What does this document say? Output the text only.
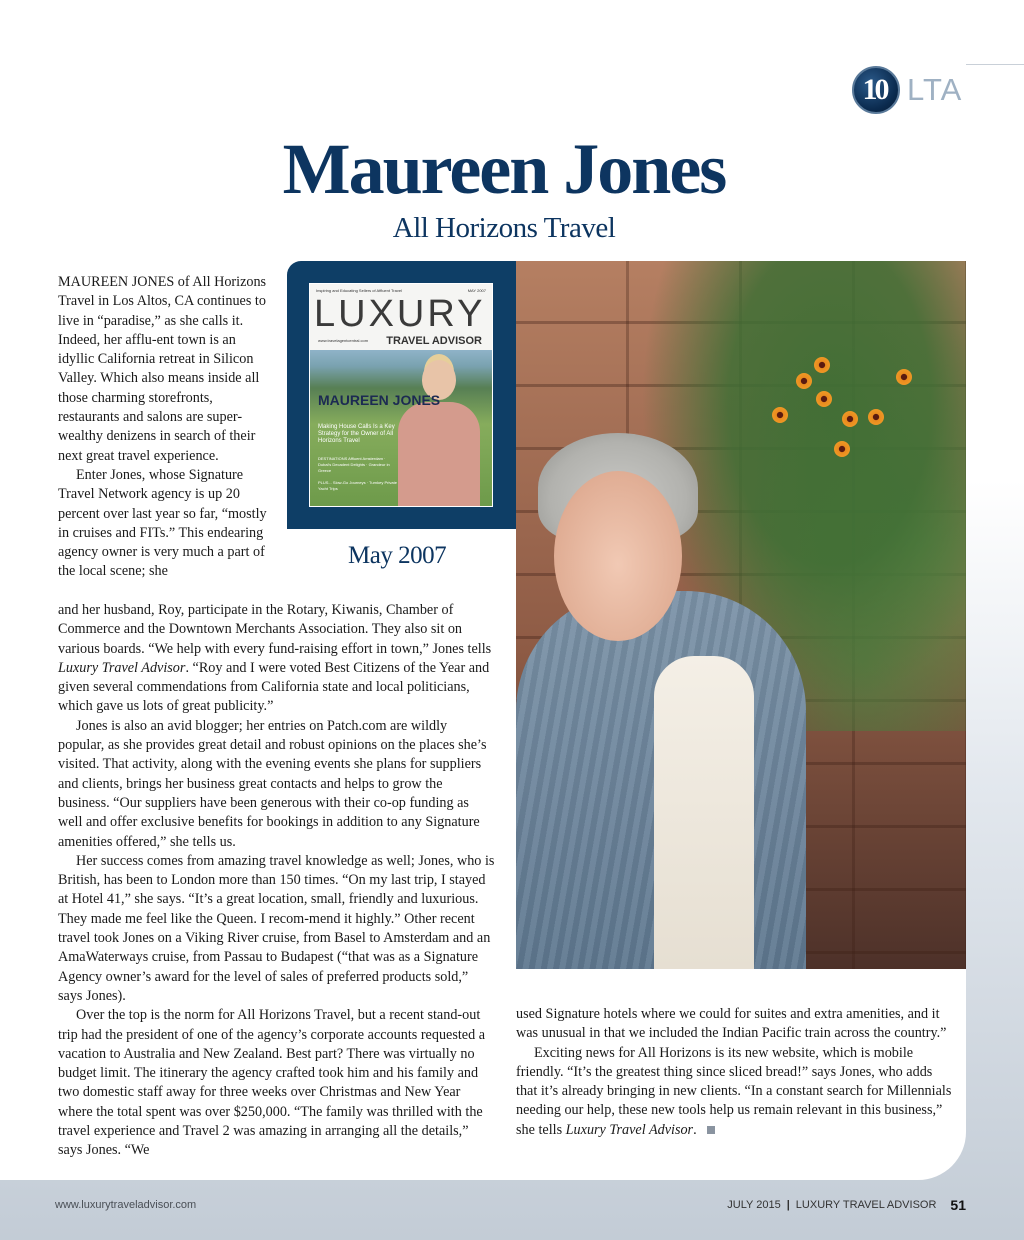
10 LTA
Maureen Jones
All Horizons Travel
Inspiring and Educating Sellers of Affluent Travel	MAY 2007
LUXURY
www.travelagentcentral.com TRAVEL ADVISOR
MAUREEN JONES
Making House Calls Is a Key Strategy for the Owner of All Horizons Travel
DESTINATIONS Affluent Amsterdam · Dubai's Decadent Delights · Grandeur in Greece
PLUS... Slow-Go Journeys · Turnkey Private Yacht Trips
May 2007

MAUREEN JONES of All Horizons Travel in Los Altos, CA continues to live in “paradise,” as she calls it. Indeed, her afflu-ent town is an idyllic California retreat in Silicon Valley. Which also means inside all those charming storefronts, restaurants and salons are super-wealthy denizens in search of their next great travel experience.

Enter Jones, whose Signature Travel Network agency is up 20 percent over last year so far, “mostly in cruises and FITs.” This endearing agency owner is very much a part of the local scene; she

and her husband, Roy, participate in the Rotary, Kiwanis, Chamber of Commerce and the Downtown Merchants Association. They also sit on various boards. “We help with every fund-raising effort in town,” Jones tells Luxury Travel Advisor. “Roy and I were voted Best Citizens of the Year and given several commendations from California state and local politicians, which gave us lots of great publicity.”

Jones is also an avid blogger; her entries on Patch.com are wildly popular, as she provides great detail and robust opinions on the places she’s visited. That activity, along with the evening events she plans for suppliers and clients, brings her business great contacts and helps to grow the business. “Our suppliers have been generous with their co-op funding as well and offer exclusive benefits for bookings in addition to any Signature amenities offered,” she tells us.

Her success comes from amazing travel knowledge as well; Jones, who is British, has been to London more than 150 times. “On my last trip, I stayed at Hotel 41,” she says. “It’s a great location, small, friendly and luxurious. They made me feel like the Queen. I recom-mend it highly.” Other recent travel took Jones on a Viking River cruise, from Basel to Amsterdam and an AmaWaterways cruise, from Passau to Budapest (“that was as a Signature Agency owner’s award for the level of sales of preferred products sold,” says Jones).

Over the top is the norm for All Horizons Travel, but a recent stand-out trip had the president of one of the agency’s corporate accounts requested a vacation to Australia and New Zealand. Best part? There was virtually no budget limit. The itinerary the agency crafted took him and his family and two domestic staff away for three weeks over Christmas and New Year where the total spent was over $250,000. “The family was thrilled with the travel experience and Travel 2 was amazing in arranging all the details,” says Jones. “We

used Signature hotels where we could for suites and extra amenities, and it was unusual in that we included the Indian Pacific train across the country.”

Exciting news for All Horizons is its new website, which is mobile friendly. “It’s the greatest thing since sliced bread!” says Jones, who adds that it’s already bringing in new clients. “In a constant search for Millennials needing our help, these new tools help us remain relevant in this business,” she tells Luxury Travel Advisor.

www.luxurytraveladvisor.com	JULY 2015 | LUXURY TRAVEL ADVISOR 51
